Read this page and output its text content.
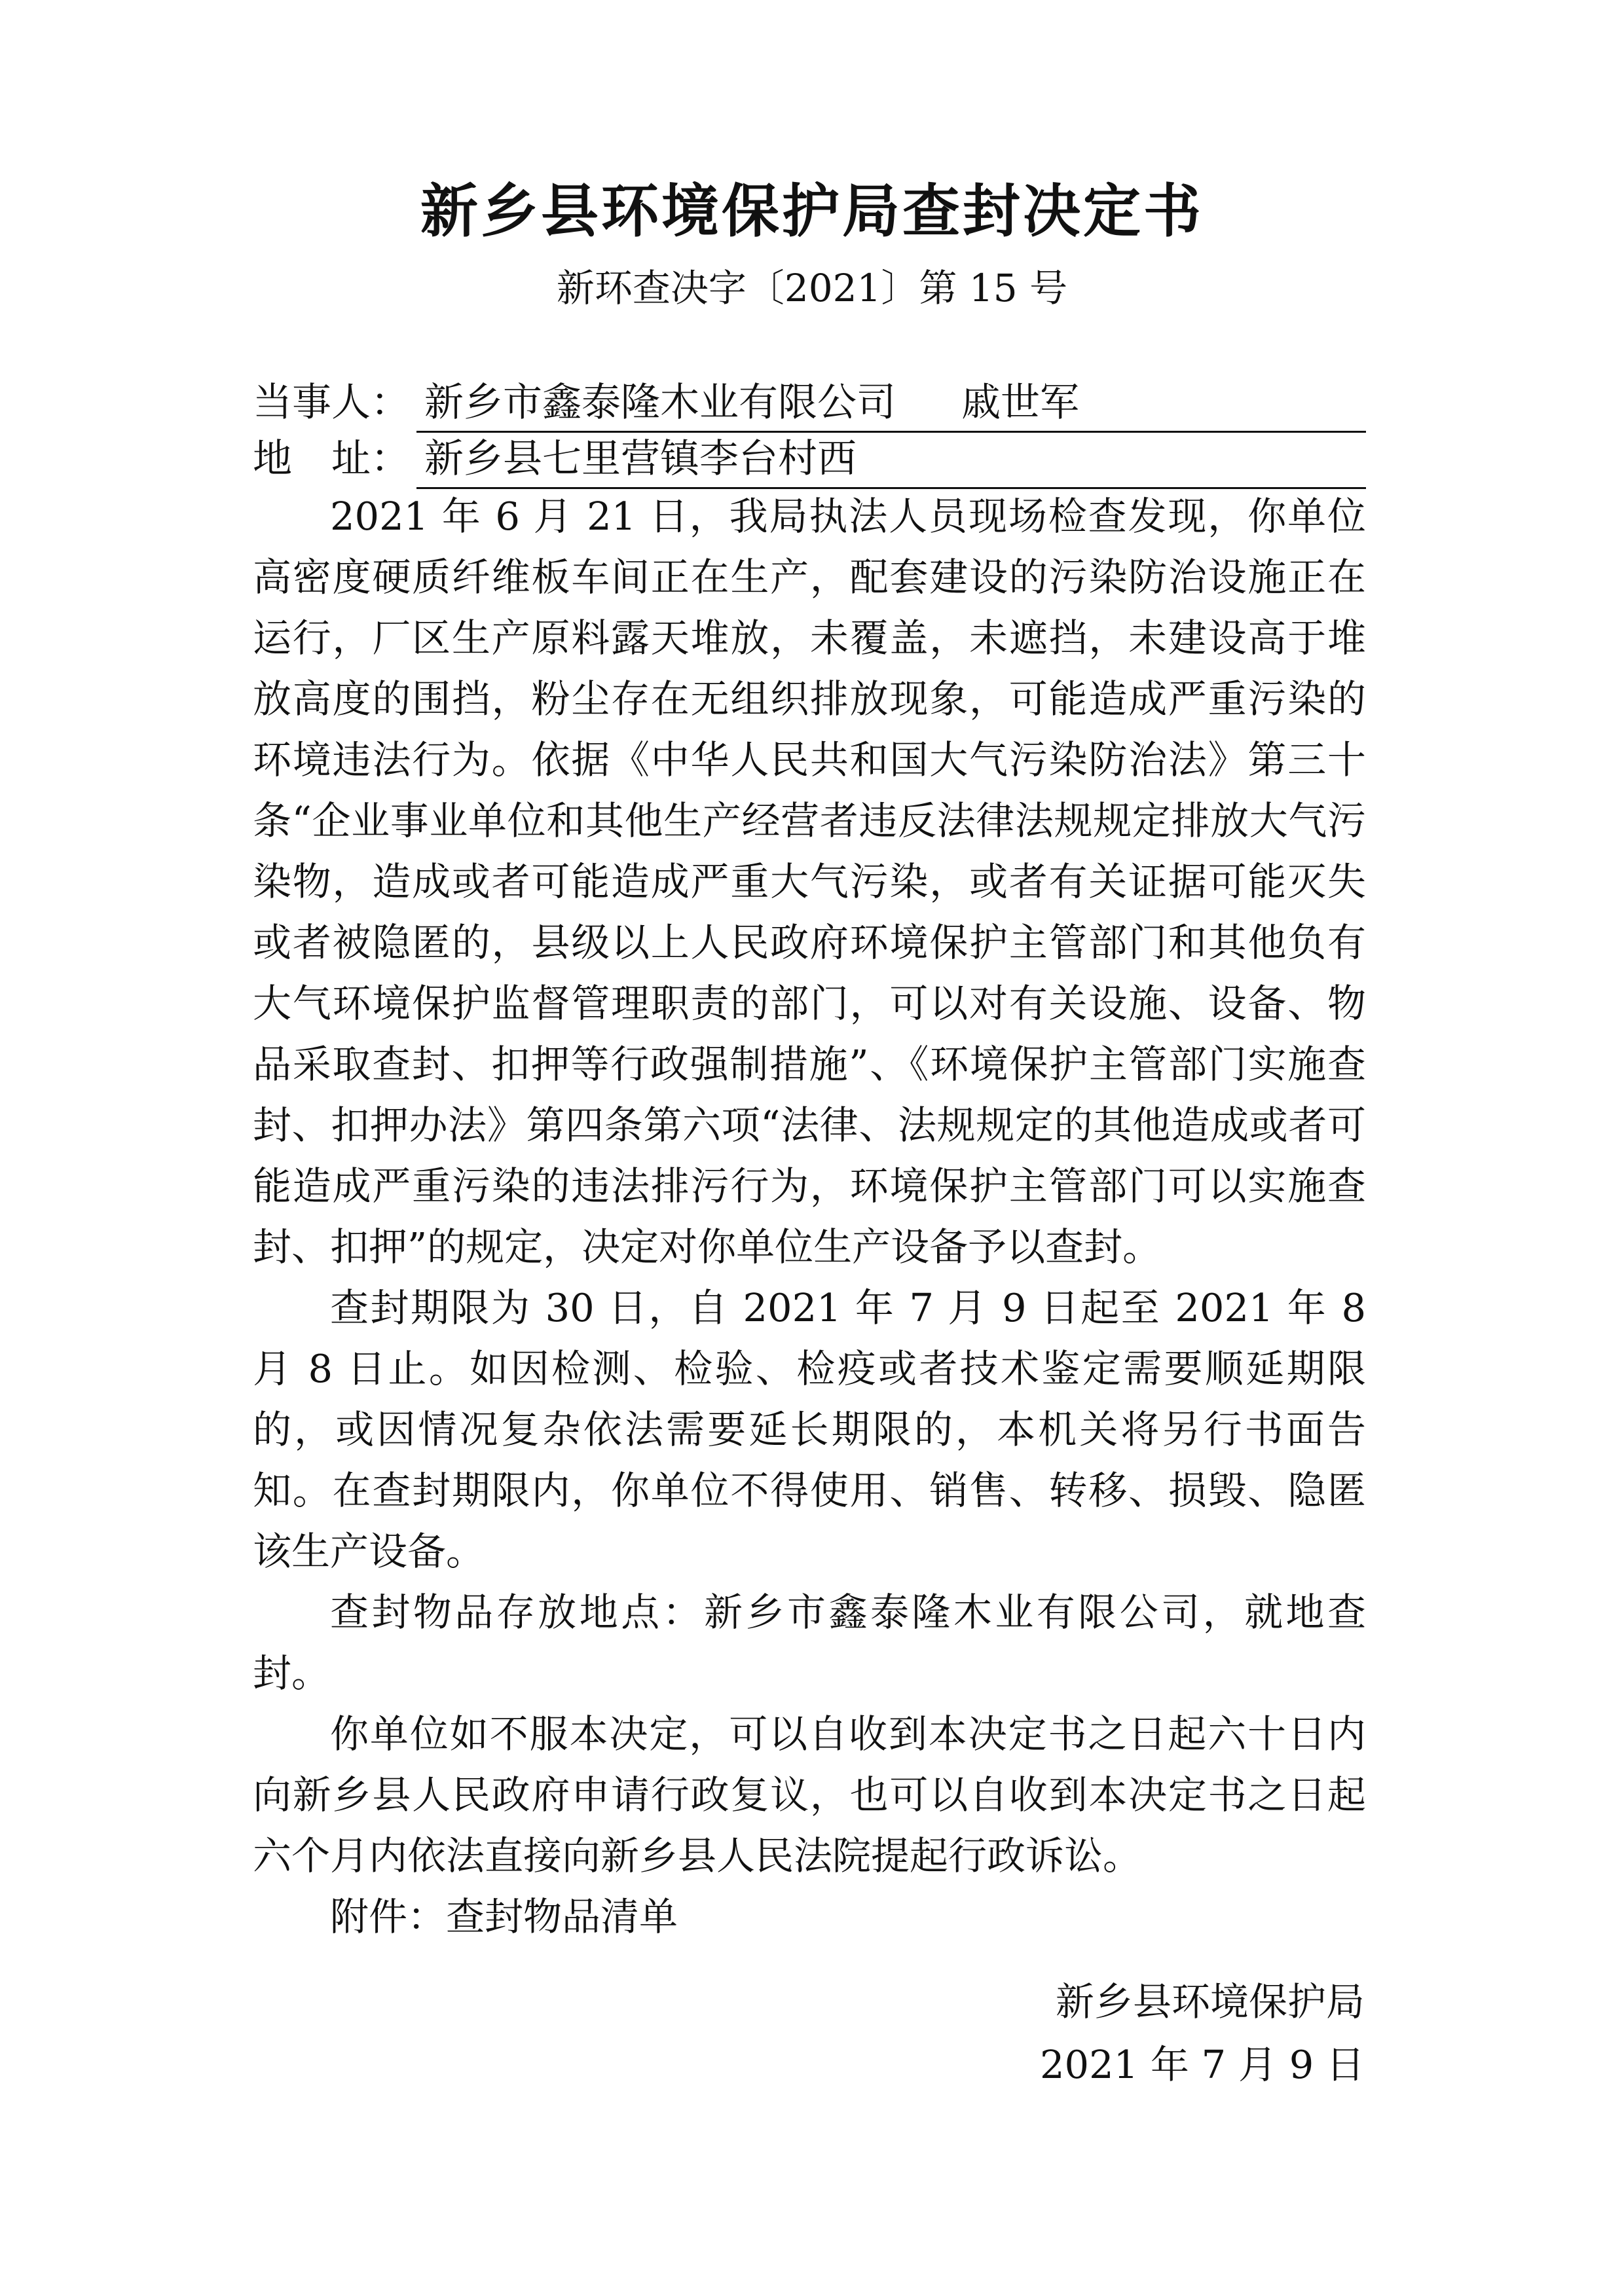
新乡县环境保护局查封决定书
新环查决字〔2021〕第 15 号
当事人： 新乡市鑫泰隆木业有限公司 戚世军
地　址： 新乡县七里营镇李台村西

2021 年 6 月 21 日，我局执法人员现场检查发现，你单位高密度硬质纤维板车间正在生产，配套建设的污染防治设施正在运行，厂区生产原料露天堆放，未覆盖，未遮挡，未建设高于堆放高度的围挡，粉尘存在无组织排放现象，可能造成严重污染的环境违法行为。依据《中华人民共和国大气污染防治法》第三十条“企业事业单位和其他生产经营者违反法律法规规定排放大气污染物，造成或者可能造成严重大气污染，或者有关证据可能灭失或者被隐匿的，县级以上人民政府环境保护主管部门和其他负有大气环境保护监督管理职责的部门，可以对有关设施、设备、物品采取查封、扣押等行政强制措施”、《环境保护主管部门实施查封、扣押办法》第四条第六项“法律、法规规定的其他造成或者可能造成严重污染的违法排污行为，环境保护主管部门可以实施查封、扣押”的规定，决定对你单位生产设备予以查封。

查封期限为 30 日，自 2021 年 7 月 9 日起至 2021 年 8 月 8 日止。如因检测、检验、检疫或者技术鉴定需要顺延期限的，或因情况复杂依法需要延长期限的，本机关将另行书面告知。在查封期限内，你单位不得使用、销售、转移、损毁、隐匿该生产设备。

查封物品存放地点：新乡市鑫泰隆木业有限公司，就地查封。

你单位如不服本决定，可以自收到本决定书之日起六十日内向新乡县人民政府申请行政复议，也可以自收到本决定书之日起六个月内依法直接向新乡县人民法院提起行政诉讼。

附件：查封物品清单

新乡县环境保护局
2021 年 7 月 9 日
